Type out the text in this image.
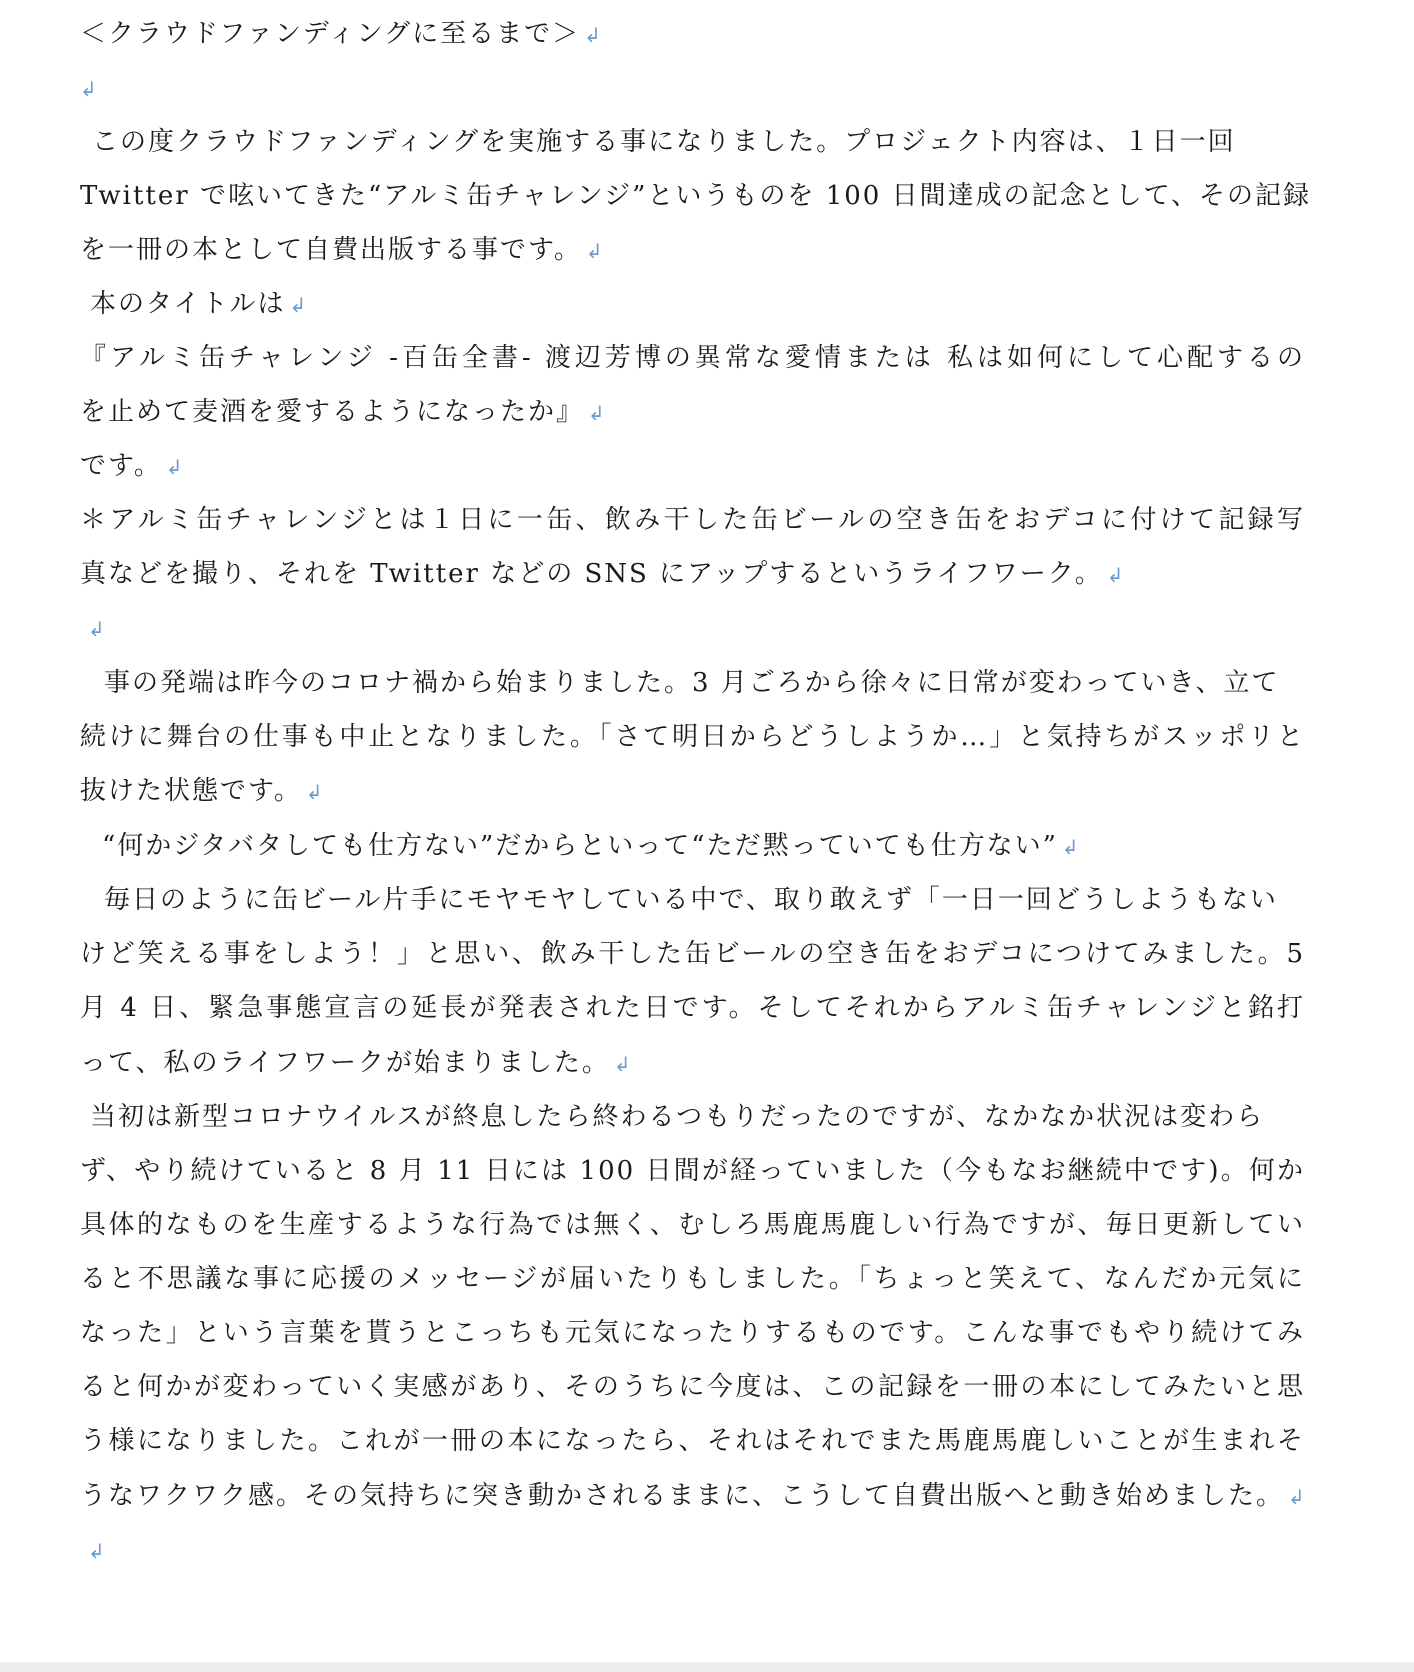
＜クラウドファンディングに至るまで＞ ↲
↲
この度クラウドファンディングを実施する事になりました。プロジェクト内容は、１日一回
Twitter で呟いてきた“アルミ缶チャレンジ”というものを 100 日間達成の記念として、その記録
を一冊の本として自費出版する事です。 ↲
本のタイトルは ↲
『アルミ缶チャレンジ -百缶全書- 渡辺芳博の異常な愛情または 私は如何にして心配するの
を止めて麦酒を愛するようになったか』 ↲
です。 ↲
＊アルミ缶チャレンジとは１日に一缶、飲み干した缶ビールの空き缶をおデコに付けて記録写
真などを撮り、それを Twitter などの SNS にアップするというライフワーク。 ↲
↲
事の発端は昨今のコロナ禍から始まりました。3 月ごろから徐々に日常が変わっていき、立て
続けに舞台の仕事も中止となりました。「さて明日からどうしようか…」と気持ちがスッポリと
抜けた状態です。 ↲
“何かジタバタしても仕方ない”だからといって“ただ黙っていても仕方ない” ↲
毎日のように缶ビール片手にモヤモヤしている中で、取り敢えず「一日一回どうしようもない
けど笑える事をしよう！」と思い、飲み干した缶ビールの空き缶をおデコにつけてみました。5
月 4 日、緊急事態宣言の延長が発表された日です。そしてそれからアルミ缶チャレンジと銘打
って、私のライフワークが始まりました。 ↲
当初は新型コロナウイルスが終息したら終わるつもりだったのですが、なかなか状況は変わら
ず、やり続けていると 8 月 11 日には 100 日間が経っていました（今もなお継続中です)。何か
具体的なものを生産するような行為では無く、むしろ馬鹿馬鹿しい行為ですが、毎日更新してい
ると不思議な事に応援のメッセージが届いたりもしました。「ちょっと笑えて、なんだか元気に
なった」という言葉を貰うとこっちも元気になったりするものです。こんな事でもやり続けてみ
ると何かが変わっていく実感があり、そのうちに今度は、この記録を一冊の本にしてみたいと思
う様になりました。これが一冊の本になったら、それはそれでまた馬鹿馬鹿しいことが生まれそ
うなワクワク感。その気持ちに突き動かされるままに、こうして自費出版へと動き始めました。 ↲
↲
